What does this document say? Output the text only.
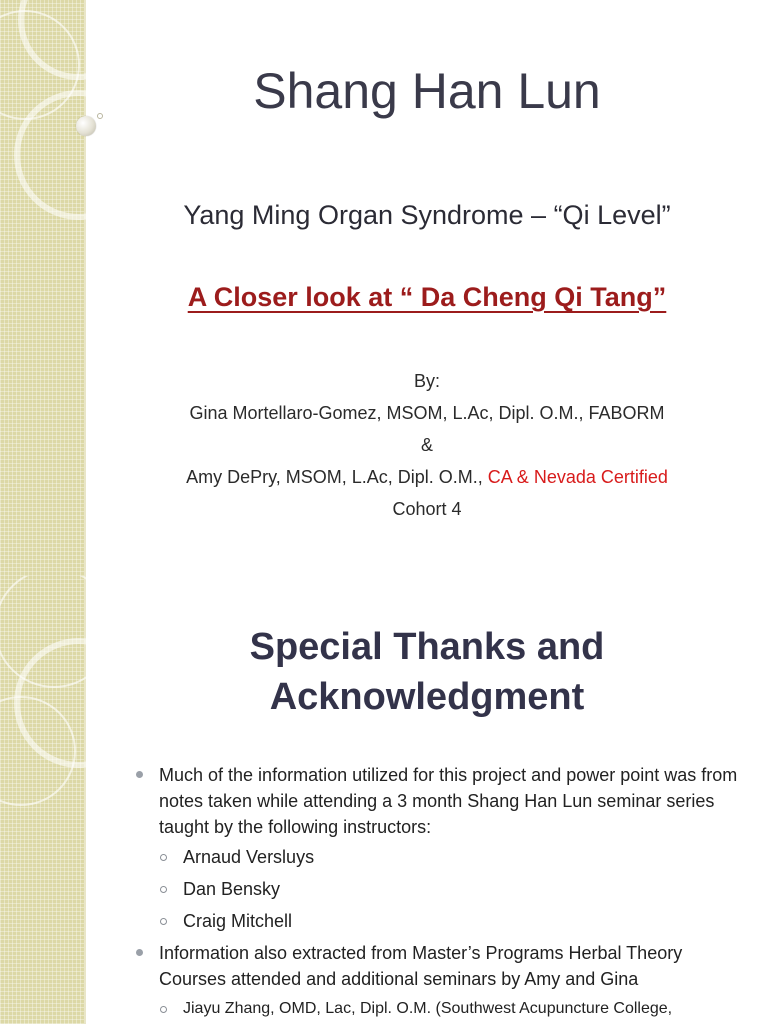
Shang Han Lun
Yang Ming Organ Syndrome – “Qi Level”
A Closer look at “ Da Cheng Qi Tang”
By:
Gina Mortellaro-Gomez, MSOM, L.Ac, Dipl. O.M., FABORM
&
Amy DePry, MSOM, L.Ac, Dipl. O.M., CA & Nevada Certified
Cohort 4
Special Thanks and
Acknowledgment
Much of the information utilized for this project and power point was from notes taken while attending a 3 month Shang Han Lun seminar series taught by the following instructors:
Arnaud Versluys
Dan Bensky
Craig Mitchell
Information also extracted from Master’s Programs Herbal Theory Courses attended and additional seminars by Amy and Gina
Jiayu Zhang, OMD, Lac, Dipl. O.M. (Southwest Acupuncture College,
